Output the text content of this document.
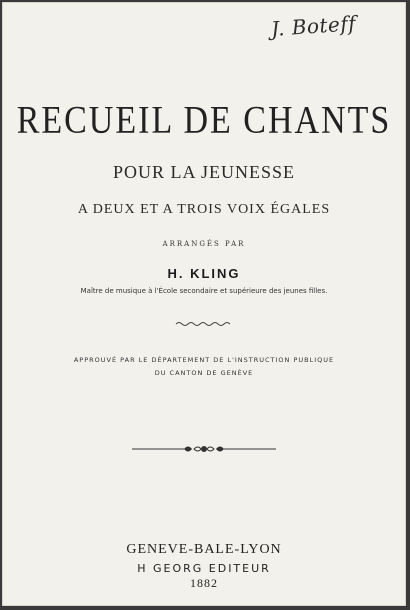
J. Boteff
RECUEIL DE CHANTS
POUR LA JEUNESSE
A DEUX ET A TROIS VOIX ÉGALES
ARRANGÉS PAR
H. KLING
Maître de musique à l'École secondaire et supérieure des jeunes filles.
APPROUVÉ PAR LE DÉPARTEMENT DE L'INSTRUCTION PUBLIQUE
DU CANTON DE GENÈVE
GENEVE-BALE-LYON
H GEORG EDITEUR
1882
